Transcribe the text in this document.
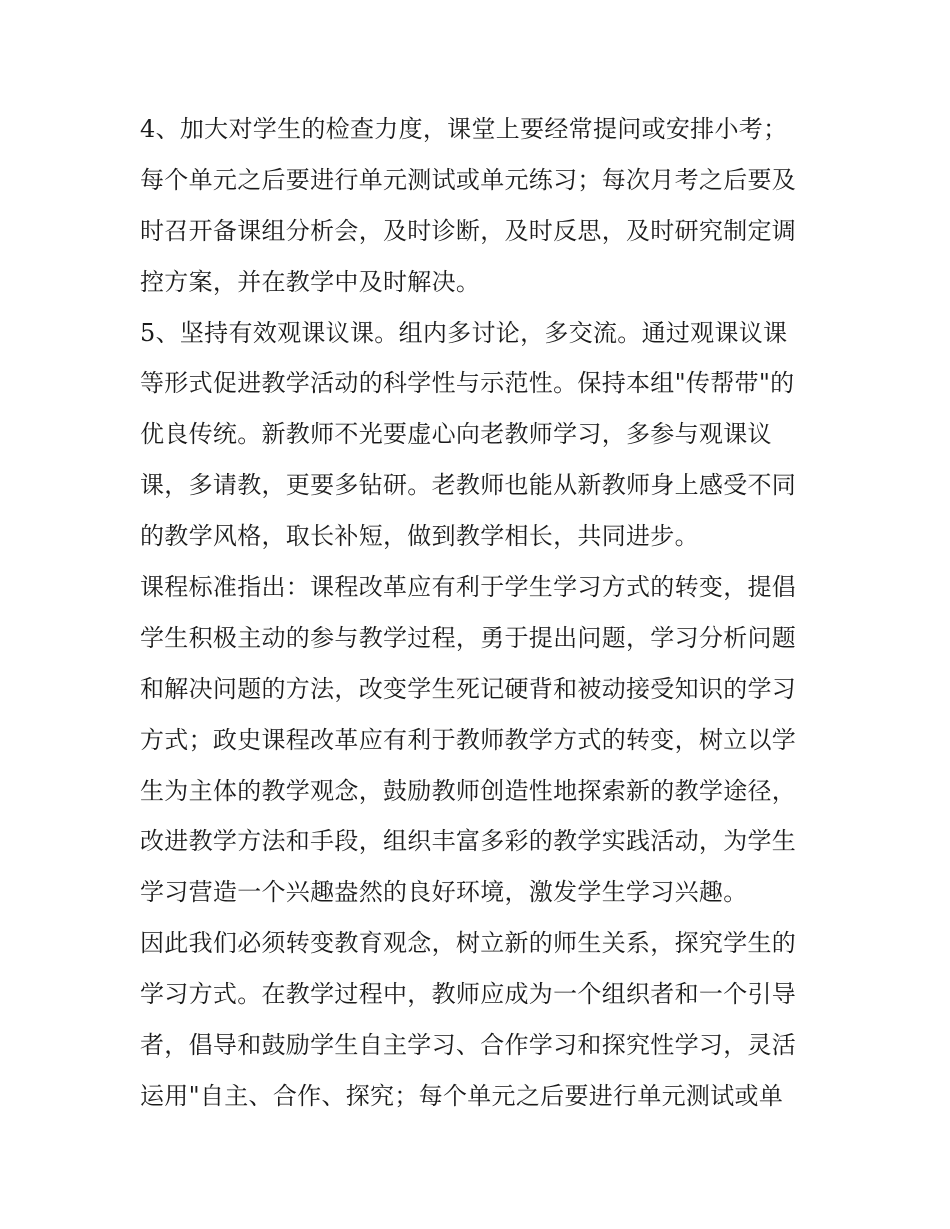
4、加大对学生的检查力度，课堂上要经常提问或安排小考；
每个单元之后要进行单元测试或单元练习；每次月考之后要及
时召开备课组分析会，及时诊断，及时反思，及时研究制定调
控方案，并在教学中及时解决。
5、坚持有效观课议课。组内多讨论，多交流。通过观课议课
等形式促进教学活动的科学性与示范性。保持本组"传帮带"的
优良传统。新教师不光要虚心向老教师学习，多参与观课议
课，多请教，更要多钻研。老教师也能从新教师身上感受不同
的教学风格，取长补短，做到教学相长，共同进步。
课程标准指出：课程改革应有利于学生学习方式的转变，提倡
学生积极主动的参与教学过程，勇于提出问题，学习分析问题
和解决问题的方法，改变学生死记硬背和被动接受知识的学习
方式；政史课程改革应有利于教师教学方式的转变，树立以学
生为主体的教学观念，鼓励教师创造性地探索新的教学途径，
改进教学方法和手段，组织丰富多彩的教学实践活动，为学生
学习营造一个兴趣盎然的良好环境，激发学生学习兴趣。
因此我们必须转变教育观念，树立新的师生关系，探究学生的
学习方式。在教学过程中，教师应成为一个组织者和一个引导
者，倡导和鼓励学生自主学习、合作学习和探究性学习，灵活
运用"自主、合作、探究；每个单元之后要进行单元测试或单
